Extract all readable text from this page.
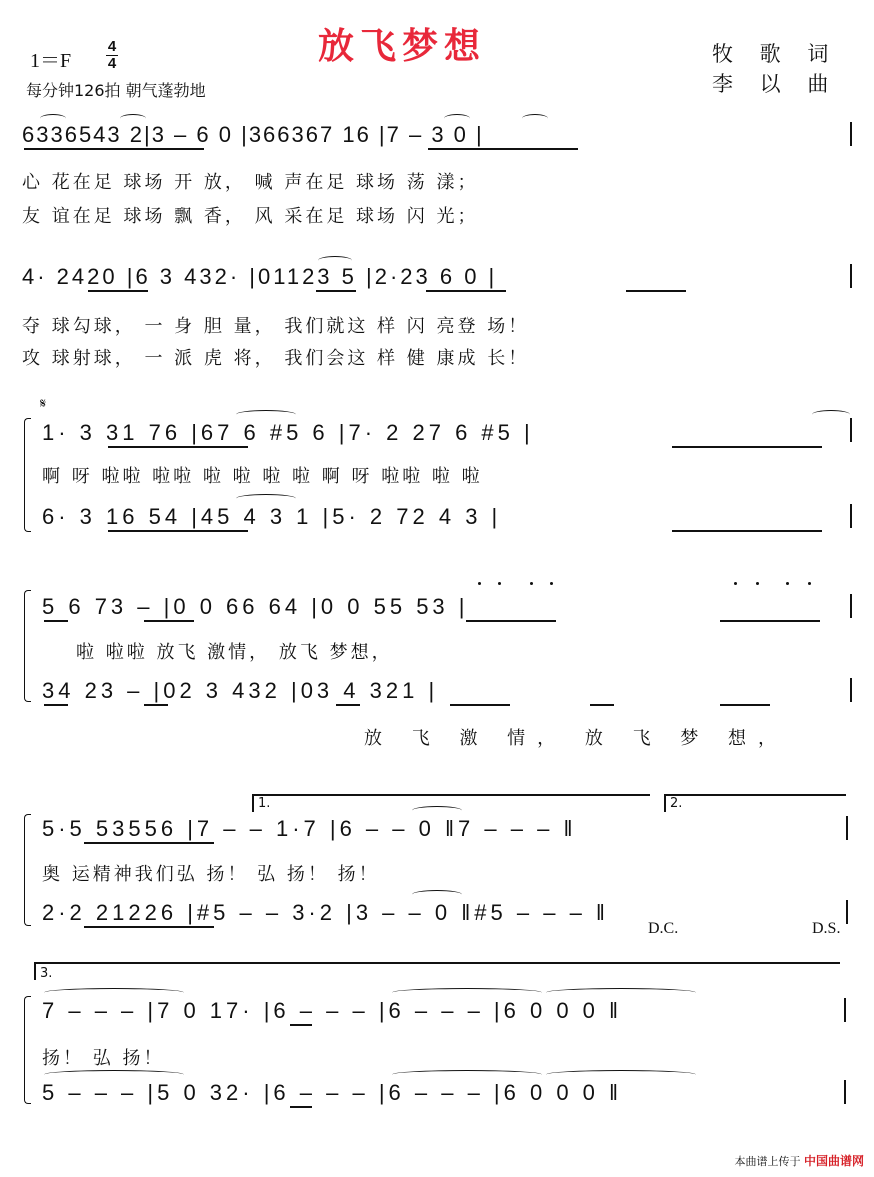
放飞梦想
1＝F
4
4
每分钟126拍 朝气蓬勃地
牧 歌 词
李 以 曲
6336543 2|3 – 6 0 |366367 16 |7 – 3 0 |
心 花在足 球场 开 放， 喊 声在足 球场 荡 漾；
友 谊在足 球场 飘 香， 风 采在足 球场 闪 光；
4· 2420 |6 3 432· |01123 5 |2·23 6 0 |
夺 球勾球， 一 身 胆 量， 我们就这 样 闪 亮登 场！
攻 球射球， 一 派 虎 将， 我们会这 样 健 康成 长！
𝄋
1· 3 31 76 |67 6 #5 6 |7· 2 27 6 #5 |
啊 呀 啦啦 啦啦 啦 啦 啦 啦 啊 呀 啦啦 啦 啦
6· 3 16 54 |45 4 3 1 |5· 2 72 4 3 |
5 6 73 – |0 0 66 64 |0 0 55 53 |
啦 啦啦 放飞 激情， 放飞 梦想，
34 23 – |02 3 432 |03 4 321 |
放 飞 激 情， 放 飞 梦 想，
1.	2.
5·5 53556 |7 – – 1·7 |6 – – 0 ‖7 – – – ‖
奥 运精神我们弘 扬！ 弘 扬！ 扬！
2·2 21226 |#5 – – 3·2 |3 – – 0 ‖#5 – – – ‖
D.C.	D.S.
3.
7 – – – |7 0 17· |6 – – – |6 – – – |6 0 0 0 ‖
扬！ 弘 扬！
5 – – – |5 0 32· |6 – – – |6 – – – |6 0 0 0 ‖
本曲谱上传于 中国曲谱网
